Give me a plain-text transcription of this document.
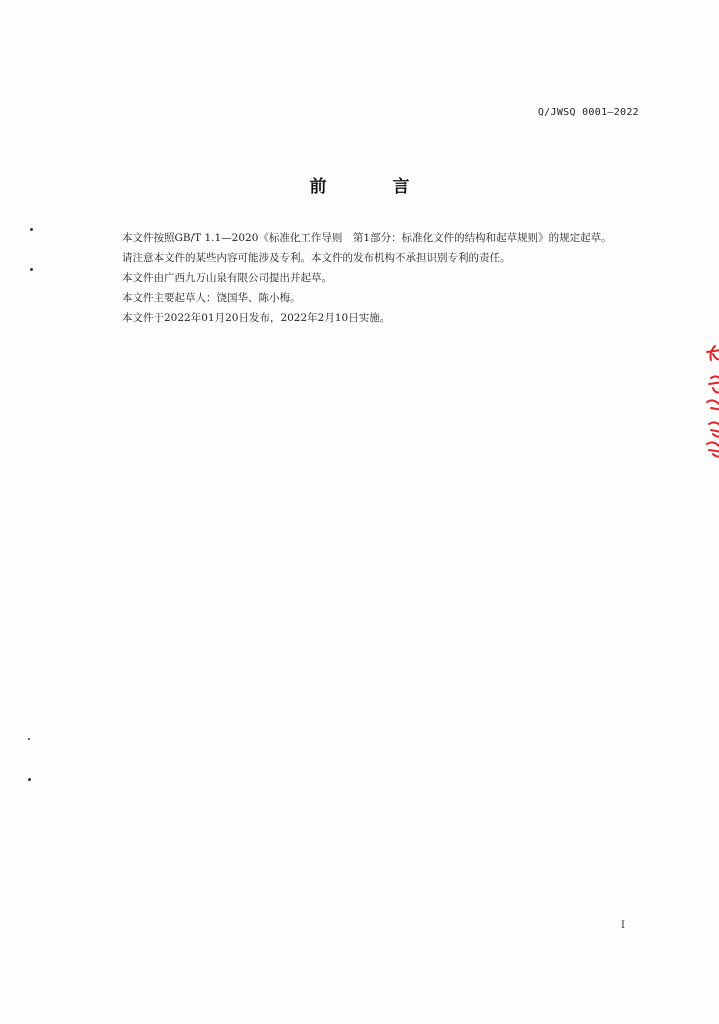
Q/JWSQ 0001—2022
前 言

本文件按照GB/T 1.1—2020《标准化工作导则　第1部分：标准化文件的结构和起草规则》的规定起草。

请注意本文件的某些内容可能涉及专利。本文件的发布机构不承担识别专利的责任。

本文件由广西九万山泉有限公司提出并起草。

本文件主要起草人：饶国华、陈小梅。

本文件于2022年01月20日发布，2022年2月10日实施。

I
